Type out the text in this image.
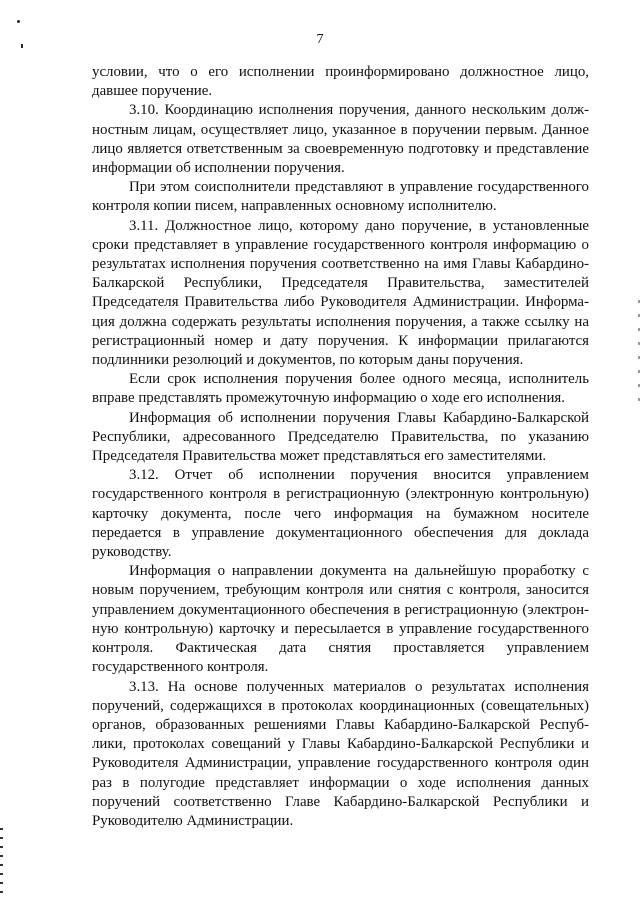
7

условии, что о его исполнении проинформировано должностное лицо, давшее поручение.

3.10. Координацию исполнения поручения, данного нескольким долж-ностным лицам, осуществляет лицо, указанное в поручении первым. Данное лицо является ответственным за своевременную подготовку и представление информации об исполнении поручения.

При этом соисполнители представляют в управление государственного контроля копии писем, направленных основному исполнителю.

3.11. Должностное лицо, которому дано поручение, в установленные сроки представляет в управление государственного контроля информацию о результатах исполнения поручения соответственно на имя Главы Кабардино-Балкарской Республики, Председателя Правительства, заместителей Председателя Правительства либо Руководителя Администрации. Информа-ция должна содержать результаты исполнения поручения, а также ссылку на регистрационный номер и дату поручения. К информации прилагаются подлинники резолюций и документов, по которым даны поручения.

Если срок исполнения поручения более одного месяца, исполнитель вправе представлять промежуточную информацию о ходе его исполнения.

Информация об исполнении поручения Главы Кабардино-Балкарской Республики, адресованного Председателю Правительства, по указанию Председателя Правительства может представляться его заместителями.

3.12. Отчет об исполнении поручения вносится управлением государственного контроля в регистрационную (электронную контрольную) карточку документа, после чего информация на бумажном носителе передается в управление документационного обеспечения для доклада руководству.

Информация о направлении документа на дальнейшую проработку с новым поручением, требующим контроля или снятия с контроля, заносится управлением документационного обеспечения в регистрационную (электрон-ную контрольную) карточку и пересылается в управление государственного контроля. Фактическая дата снятия проставляется управлением государственного контроля.

3.13. На основе полученных материалов о результатах исполнения поручений, содержащихся в протоколах координационных (совещательных) органов, образованных решениями Главы Кабардино-Балкарской Респуб-лики, протоколах совещаний у Главы Кабардино-Балкарской Республики и Руководителя Администрации, управление государственного контроля один раз в полугодие представляет информации о ходе исполнения данных поручений соответственно Главе Кабардино-Балкарской Республики и Руководителю Администрации.
